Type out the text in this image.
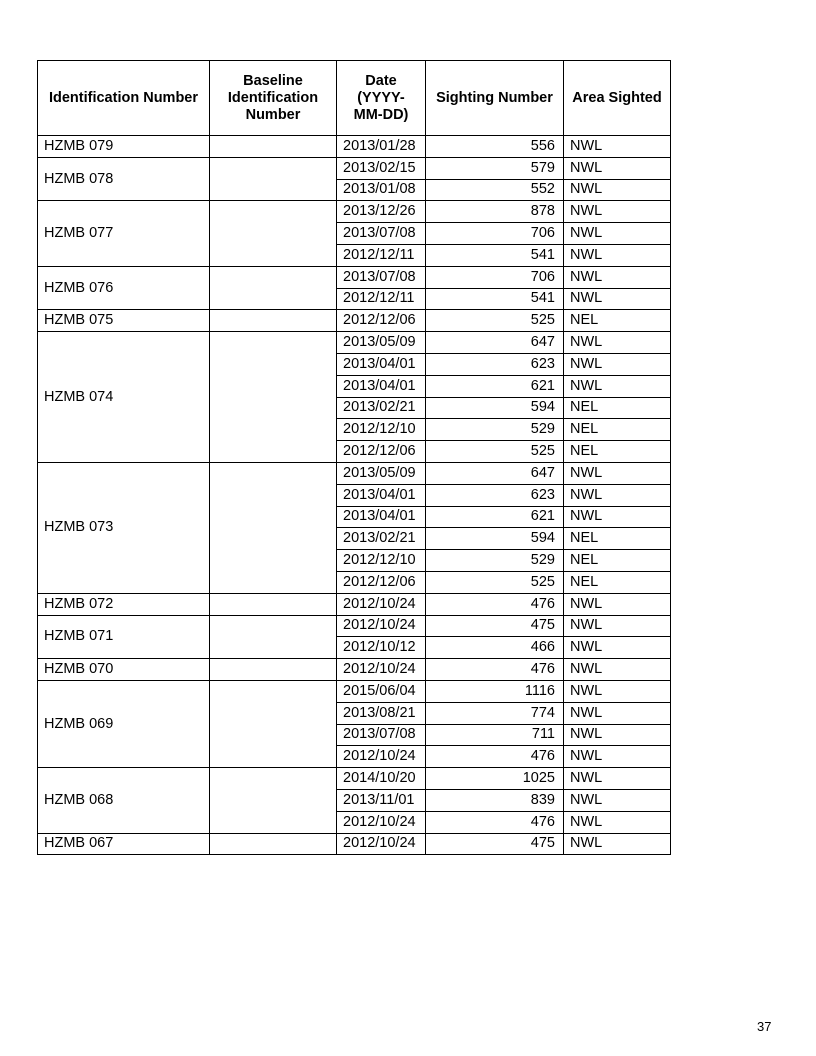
Identification Number	Baseline Identification Number	Date (YYYY-MM-DD)	Sighting Number	Area Sighted
HZMB 079		2013/01/28	556	NWL
HZMB 078		2013/02/15	579	NWL
		2013/01/08	552	NWL
HZMB 077		2013/12/26	878	NWL
		2013/07/08	706	NWL
		2012/12/11	541	NWL
HZMB 076		2013/07/08	706	NWL
		2012/12/11	541	NWL
HZMB 075		2012/12/06	525	NEL
HZMB 074		2013/05/09	647	NWL
		2013/04/01	623	NWL
		2013/04/01	621	NWL
		2013/02/21	594	NEL
		2012/12/10	529	NEL
		2012/12/06	525	NEL
HZMB 073		2013/05/09	647	NWL
		2013/04/01	623	NWL
		2013/04/01	621	NWL
		2013/02/21	594	NEL
		2012/12/10	529	NEL
		2012/12/06	525	NEL
HZMB 072		2012/10/24	476	NWL
HZMB 071		2012/10/24	475	NWL
		2012/10/12	466	NWL
HZMB 070		2012/10/24	476	NWL
HZMB 069		2015/06/04	1116	NWL
		2013/08/21	774	NWL
		2013/07/08	711	NWL
		2012/10/24	476	NWL
HZMB 068		2014/10/20	1025	NWL
		2013/11/01	839	NWL
		2012/10/24	476	NWL
HZMB 067		2012/10/24	475	NWL
37
